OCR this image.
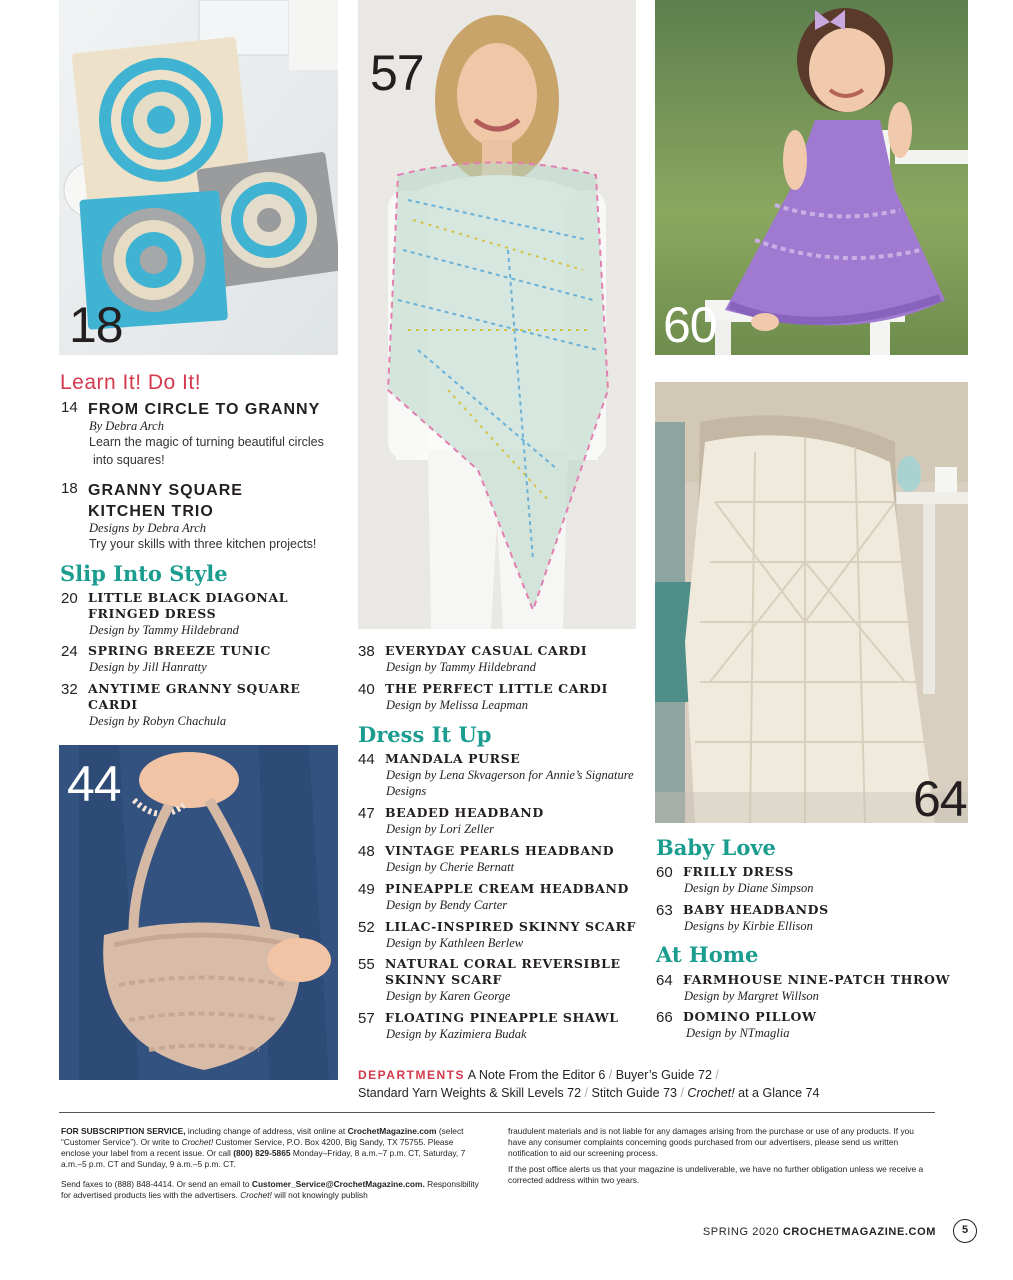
18
57
60
64
44
Learn It! Do It!
14 FROM CIRCLE TO GRANNY
By Debra Arch
Learn the magic of turning beautiful circles
into squares!
18 GRANNY SQUARE
KITCHEN TRIO
Designs by Debra Arch
Try your skills with three kitchen projects!
Slip Into Style
20 LITTLE BLACK DIAGONAL
FRINGED DRESS
Design by Tammy Hildebrand
24 SPRING BREEZE TUNIC
Design by Jill Hanratty
32 ANYTIME GRANNY SQUARE
CARDI
Design by Robyn Chachula
38 EVERYDAY CASUAL CARDI
Design by Tammy Hildebrand
40 THE PERFECT LITTLE CARDI
Design by Melissa Leapman
Dress It Up
44 MANDALA PURSE
Design by Lena Skvagerson for Annie’s Signature
Designs
47 BEADED HEADBAND
Design by Lori Zeller
48 VINTAGE PEARLS HEADBAND
Design by Cherie Bernatt
49 PINEAPPLE CREAM HEADBAND
Design by Bendy Carter
52 LILAC-INSPIRED SKINNY SCARF
Design by Kathleen Berlew
55 NATURAL CORAL REVERSIBLE
SKINNY SCARF
Design by Karen George
57 FLOATING PINEAPPLE SHAWL
Design by Kazimiera Budak
Baby Love
60 FRILLY DRESS
Design by Diane Simpson
63 BABY HEADBANDS
Designs by Kirbie Ellison
At Home
64 FARMHOUSE NINE-PATCH THROW
Design by Margret Willson
66 DOMINO PILLOW
Design by NTmaglia
DEPARTMENTS A Note From the Editor 6 / Buyer’s Guide 72 /
Standard Yarn Weights & Skill Levels 72 / Stitch Guide 73 / Crochet! at a Glance 74

FOR SUBSCRIPTION SERVICE, including change of address, visit online at CrochetMagazine.com (select “Customer Service”). Or write to Crochet! Customer Service, P.O. Box 4200, Big Sandy, TX 75755. Please enclose your label from a recent issue. Or call (800) 829-5865 Monday–Friday, 8 a.m.–7 p.m. CT, Saturday, 7 a.m.–5 p.m. CT and Sunday, 9 a.m.–5 p.m. CT.

Send faxes to (888) 848-4414. Or send an email to Customer_Service@CrochetMagazine.com. Responsibility for advertised products lies with the advertisers. Crochet! will not knowingly publish

fraudulent materials and is not liable for any damages arising from the purchase or use of any products. If you have any consumer complaints concerning goods purchased from our advertisers, please send us written notification to aid our screening process.

If the post office alerts us that your magazine is undeliverable, we have no further obligation unless we receive a corrected address within two years.

SPRING 2020 CROCHETMAGAZINE.COM	5
